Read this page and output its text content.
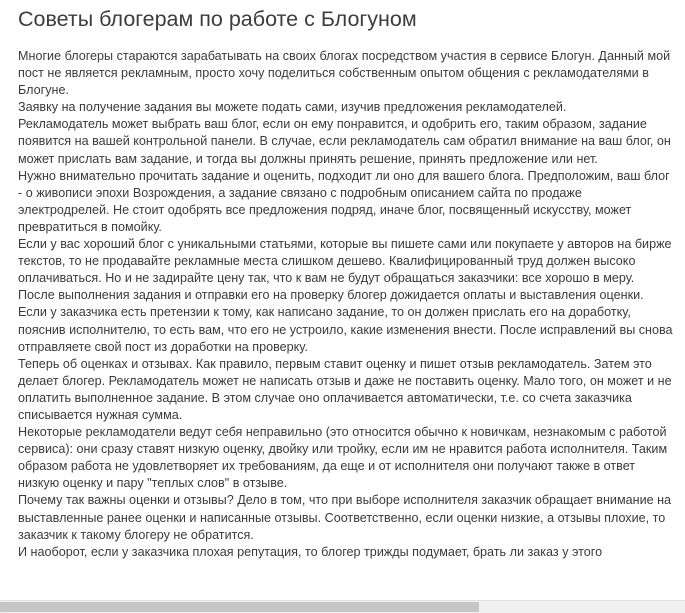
Советы блогерам по работе с Блогуном

Многие блогеры стараются зарабатывать на своих блогах посредством участия в сервисе Блогун. Данный мой пост не является рекламным, просто хочу поделиться собственным опытом общения с рекламодателями в Блогуне.

Заявку на получение задания вы можете подать сами, изучив предложения рекламодателей.

Рекламодатель может выбрать ваш блог, если он ему понравится, и одобрить его, таким образом, задание появится на вашей контрольной панели. В случае, если рекламодатель сам обратил внимание на ваш блог, он может прислать вам задание, и тогда вы должны принять решение, принять предложение или нет.

Нужно внимательно прочитать задание и оценить, подходит ли оно для вашего блога. Предположим, ваш блог - о живописи эпохи Возрождения, а задание связано с подробным описанием сайта по продаже электродрелей. Не стоит одобрять все предложения подряд, иначе блог, посвященный искусству, может превратиться в помойку.

Если у вас хороший блог с уникальными статьями, которые вы пишете сами или покупаете у авторов на бирже текстов, то не продавайте рекламные места слишком дешево. Квалифицированный труд должен высоко оплачиваться. Но и не задирайте цену так, что к вам не будут обращаться заказчики: все хорошо в меру.

После выполнения задания и отправки его на проверку блогер дожидается оплаты и выставления оценки. Если у заказчика есть претензии к тому, как написано задание, то он должен прислать его на доработку, пояснив исполнителю, то есть вам, что его не устроило, какие изменения внести. После исправлений вы снова отправляете свой пост из доработки на проверку.

Теперь об оценках и отзывах. Как правило, первым ставит оценку и пишет отзыв рекламодатель. Затем это делает блогер. Рекламодатель может не написать отзыв и даже не поставить оценку. Мало того, он может и не оплатить выполненное задание. В этом случае оно оплачивается автоматически, т.е. со счета заказчика списывается нужная сумма.

Некоторые рекламодатели ведут себя неправильно (это относится обычно к новичкам, незнакомым с работой сервиса): они сразу ставят низкую оценку, двойку или тройку, если им не нравится работа исполнителя. Таким образом работа не удовлетворяет их требованиям, да еще и от исполнителя они получают также в ответ низкую оценку и пару "теплых слов" в отзыве.

Почему так важны оценки и отзывы? Дело в том, что при выборе исполнителя заказчик обращает внимание на выставленные ранее оценки и написанные отзывы. Соответственно, если оценки низкие, а отзывы плохие, то заказчик к такому блогеру не обратится.

И наоборот, если у заказчика плохая репутация, то блогер трижды подумает, брать ли заказ у этого
